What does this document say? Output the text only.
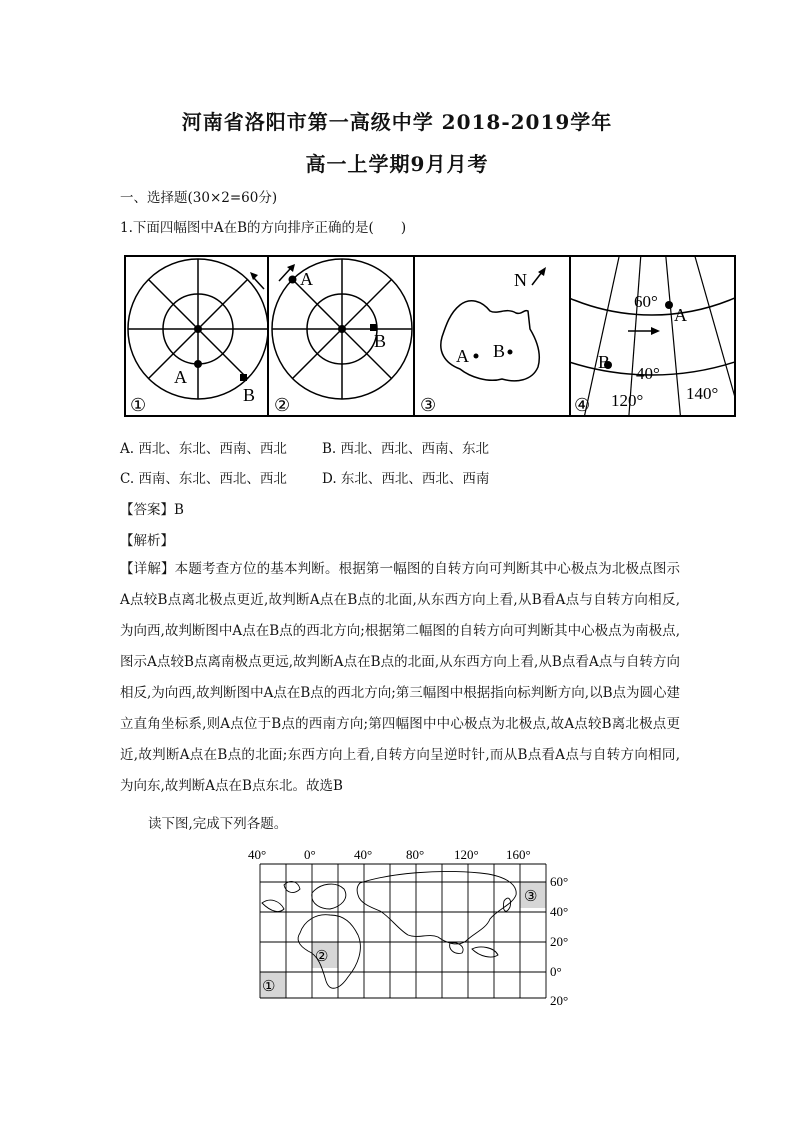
河南省洛阳市第一高级中学 2018-2019学年
高一上学期9月月考
一、选择题(30×2=60分)
1.下面四幅图中A在B的方向排序正确的是(　　)
A
B
①
A
B
②
A B
N
③
A
B
60°
40°
120°	140°
④
A. 西北、东北、西南、西北	B. 西北、西北、西南、东北
C. 西南、东北、西北、西北	D. 东北、西北、西北、西南
【答案】B
【解析】
【详解】本题考查方位的基本判断。根据第一幅图的自转方向可判断其中心极点为北极点图示A点较B点离北极点更近,故判断A点在B点的北面,从东西方向上看,从B看A点与自转方向相反,为向西,故判断图中A点在B点的西北方向;根据第二幅图的自转方向可判断其中心极点为南极点,图示A点较B点离南极点更远,故判断A点在B点的北面,从东西方向上看,从B点看A点与自转方向相反,为向西,故判断图中A点在B点的西北方向;第三幅图中根据指向标判断方向,以B点为圆心建立直角坐标系,则A点位于B点的西南方向;第四幅图中中心极点为北极点,故A点较B离北极点更近,故判断A点在B点的北面;东西方向上看,自转方向呈逆时针,而从B点看A点与自转方向相同,为向东,故判断A点在B点东北。故选B
读下图,完成下列各题。
40°	0°	40°	80° 120° 160°
60°
40°
20°
0°
20°
①
②
③
